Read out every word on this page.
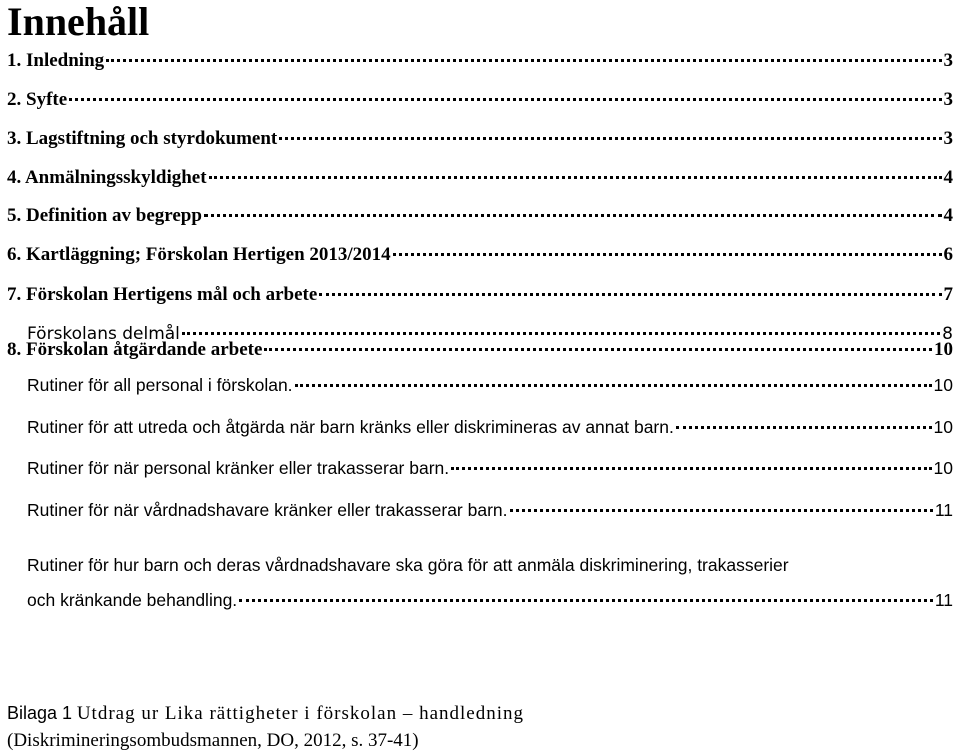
Innehåll
1. Inledning	3
2. Syfte	3
3. Lagstiftning och styrdokument	3
4. Anmälningsskyldighet	4
5. Definition av begrepp	4
6. Kartläggning; Förskolan Hertigen 2013/2014	6
7. Förskolan Hertigens mål och arbete	7
Förskolans delmål	8
8. Förskolan åtgärdande arbete	10
Rutiner för all personal i förskolan.	10
Rutiner för att utreda och åtgärda när barn kränks eller diskrimineras av annat barn.	10
Rutiner för när personal kränker eller trakasserar barn.	10
Rutiner för när vårdnadshavare kränker eller trakasserar barn.	11
Rutiner för hur barn och deras vårdnadshavare ska göra för att anmäla diskriminering, trakasserier
och kränkande behandling.	11
Bilaga 1 Utdrag ur Lika rättigheter i förskolan – handledning
(Diskrimineringsombudsmannen, DO, 2012, s. 37-41)
